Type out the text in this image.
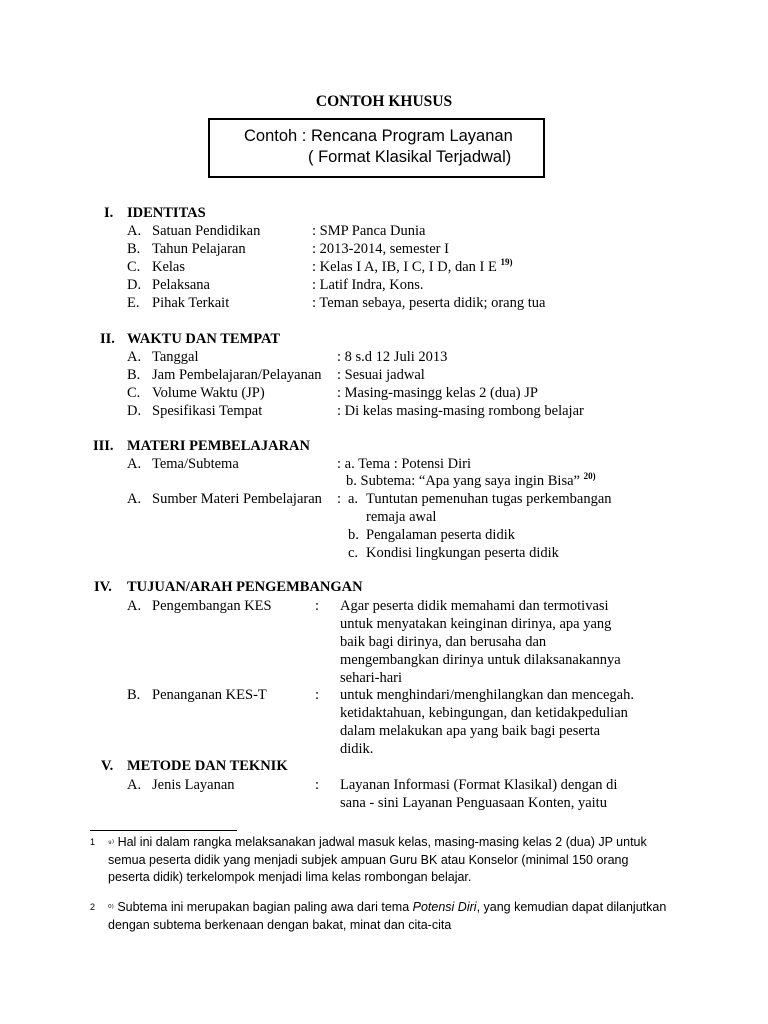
CONTOH KHUSUS
Contoh : Rencana Program Layanan
( Format Klasikal Terjadwal)
I. IDENTITAS
A. Satuan Pendidikan	: SMP Panca Dunia
B. Tahun Pelajaran	: 2013-2014, semester I
C. Kelas	: Kelas I A, IB, I C, I D, dan I E $^{19)}$
D. Pelaksana	: Latif Indra, Kons.
E. Pihak Terkait	: Teman sebaya, peserta didik; orang tua
II. WAKTU DAN TEMPAT
A. Tanggal	: 8 s.d 12 Juli 2013
B. Jam Pembelajaran/Pelayanan : Sesuai jadwal
C. Volume Waktu (JP)	: Masing-masingg kelas 2 (dua) JP
D. Spesifikasi Tempat	: Di kelas masing-masing rombong belajar
III. MATERI PEMBELAJARAN
A. Tema/Subtema	: a. Tema : Potensi Diri
b. Subtema: “Apa yang saya ingin Bisa” $^{20)}$
A. Sumber Materi Pembelajaran : a. Tuntutan pemenuhan tugas perkembangan
remaja awal
b. Pengalaman peserta didik
c. Kondisi lingkungan peserta didik
IV. TUJUAN/ARAH PENGEMBANGAN
A. Pengembangan KES	: Agar peserta didik memahami dan termotivasi
untuk menyatakan keinginan dirinya, apa yang
baik bagi dirinya, dan berusaha dan
mengembangkan dirinya untuk dilaksanakannya
sehari-hari
B. Penanganan KES-T	: untuk menghindari/menghilangkan dan mencegah.
ketidaktahuan, kebingungan, dan ketidakpedulian
dalam melakukan apa yang baik bagi peserta
didik.
V. METODE DAN TEKNIK
A. Jenis Layanan	: Layanan Informasi (Format Klasikal) dengan di
sana - sini Layanan Penguasaan Konten, yaitu
1 ⁹⁾ Hal ini dalam rangka melaksanakan jadwal masuk kelas, masing-masing kelas 2 (dua) JP untuk
semua peserta didik yang menjadi subjek ampuan Guru BK atau Konselor (minimal 150 orang
peserta didik) terkelompok menjadi lima kelas rombongan belajar.
2 ⁰⁾ Subtema ini merupakan bagian paling awa dari tema Potensi Diri, yang kemudian dapat dilanjutkan
dengan subtema berkenaan dengan bakat, minat dan cita-cita
